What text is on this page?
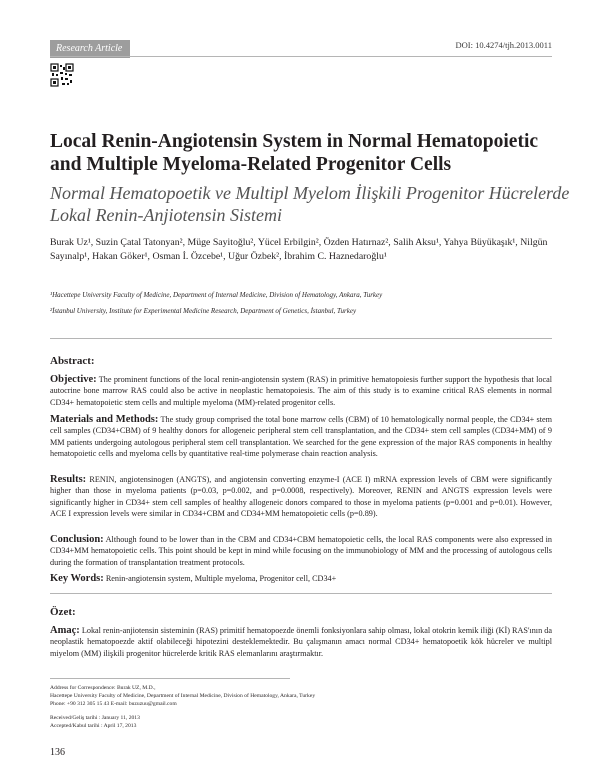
Research Article	DOI: 10.4274/tjh.2013.0011
Local Renin-Angiotensin System in Normal Hematopoietic and Multiple Myeloma-Related Progenitor Cells
Normal Hematopoetik ve Multipl Myelom İlişkili Progenitor Hücrelerde Lokal Renin-Anjiotensin Sistemi
Burak Uz¹, Suzin Çatal Tatonyan², Müge Sayitoğlu², Yücel Erbilgin², Özden Hatırnaz², Salih Aksu¹, Yahya Büyükaşık¹, Nilgün Sayınalp¹, Hakan Göker¹, Osman İ. Özcebe¹, Uğur Özbek², İbrahim C. Haznedaroğlu¹
¹Hacettepe University Faculty of Medicine, Department of Internal Medicine, Division of Hematology, Ankara, Turkey
²İstanbul University, Institute for Experimental Medicine Research, Department of Genetics, İstanbul, Turkey
Abstract:
Objective: The prominent functions of the local renin-angiotensin system (RAS) in primitive hematopoiesis further support the hypothesis that local autocrine bone marrow RAS could also be active in neoplastic hematopoiesis. The aim of this study is to examine critical RAS elements in normal CD34+ hematopoietic stem cells and multiple myeloma (MM)-related progenitor cells.
Materials and Methods: The study group comprised the total bone marrow cells (CBM) of 10 hematologically normal people, the CD34+ stem cell samples (CD34+CBM) of 9 healthy donors for allogeneic peripheral stem cell transplantation, and the CD34+ stem cell samples (CD34+MM) of 9 MM patients undergoing autologous peripheral stem cell transplantation. We searched for the gene expression of the major RAS components in healthy hematopoietic cells and myeloma cells by quantitative real-time polymerase chain reaction analysis.
Results: RENIN, angiotensinogen (ANGTS), and angiotensin converting enzyme-I (ACE I) mRNA expression levels of CBM were significantly higher than those in myeloma patients (p=0.03, p=0.002, and p=0.0008, respectively). Moreover, RENIN and ANGTS expression levels were significantly higher in CD34+ stem cell samples of healthy allogeneic donors compared to those in myeloma patients (p=0.001 and p=0.01). However, ACE I expression levels were similar in CD34+CBM and CD34+MM hematopoietic cells (p=0.89).
Conclusion: Although found to be lower than in the CBM and CD34+CBM hematopoietic cells, the local RAS components were also expressed in CD34+MM hematopoietic cells. This point should be kept in mind while focusing on the immunobiology of MM and the processing of autologous cells during the formation of transplantation treatment protocols.
Key Words: Renin-angiotensin system, Multiple myeloma, Progenitor cell, CD34+
Özet:
Amaç: Lokal renin-anjiotensin sisteminin (RAS) primitif hematopoezde önemli fonksiyonlara sahip olması, lokal otokrin kemik iliği (Kİ) RAS'ının da neoplastik hematopoezde aktif olabileceği hipotezini desteklemektedir. Bu çalışmanın amacı normal CD34+ hematopoetik kök hücreler ve multipl miyelom (MM) ilişkili progenitor hücrelerde kritik RAS elemanlarını araştırmaktır.
Address for Correspondence: Burak UZ, M.D.,
Hacettepe University Faculty of Medicine, Department of Internal Medicine, Division of Hematology, Ankara, Turkey
Phone: +90 312 305 15 43 E-mail: buzuzuu@gmail.com
Received/Geliş tarihi : January 11, 2013
Accepted/Kabul tarihi : April 17, 2013
136
